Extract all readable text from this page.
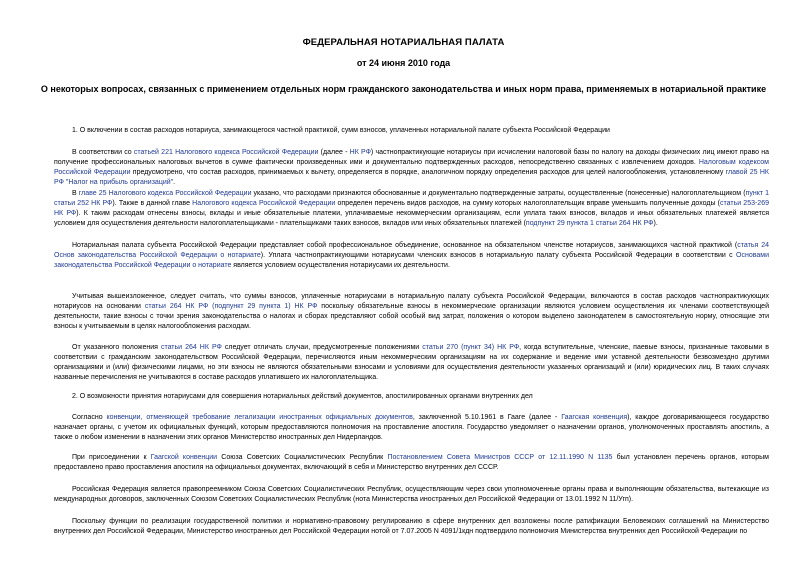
ФЕДЕРАЛЬНАЯ НОТАРИАЛЬНАЯ ПАЛАТА
от 24 июня 2010 года
О некоторых вопросах, связанных с применением отдельных норм гражданского законодательства и иных норм права, применяемых в нотариальной практике

1. О включении в состав расходов нотариуса, занимающегося частной практикой, сумм взносов, уплаченных нотариальной палате субъекта Российской Федерации

В соответствии со статьей 221 Налогового кодекса Российской Федерации (далее - НК РФ) частнопрактикующие нотариусы при исчислении налоговой базы по налогу на доходы физических лиц имеют право на получение профессиональных налоговых вычетов в сумме фактически произведенных ими и документально подтвержденных расходов, непосредственно связанных с извлечением доходов. Налоговым кодексом Российской Федерации предусмотрено, что состав расходов, принимаемых к вычету, определяется в порядке, аналогичном порядку определения расходов для целей налогообложения, установленному главой 25 НК РФ "Налог на прибыль организаций".

В главе 25 Налогового кодекса Российской Федерации указано, что расходами признаются обоснованные и документально подтвержденные затраты, осуществленные (понесенные) налогоплательщиком (пункт 1 статьи 252 НК РФ). Также в данной главе Налогового кодекса Российской Федерации определен перечень видов расходов, на сумму которых налогоплательщик вправе уменьшить полученные доходы (статьи 253-269 НК РФ). К таким расходам отнесены взносы, вклады и иные обязательные платежи, уплачиваемые некоммерческим организациям, если уплата таких взносов, вкладов и иных обязательных платежей является условием для осуществления деятельности налогоплательщиками - плательщиками таких взносов, вкладов или иных обязательных платежей (подпункт 29 пункта 1 статьи 264 НК РФ).

Нотариальная палата субъекта Российской Федерации представляет собой профессиональное объединение, основанное на обязательном членстве нотариусов, занимающихся частной практикой (статья 24 Основ законодательства Российской Федерации о нотариате). Уплата частнопрактикующими нотариусами членских взносов в нотариальную палату субъекта Российской Федерации в соответствии с Основами законодательства Российской Федерации о нотариате является условием осуществления нотариусами их деятельности.

Учитывая вышеизложенное, следует считать, что суммы взносов, уплаченные нотариусами в нотариальную палату субъекта Российской Федерации, включаются в состав расходов частнопрактикующих нотариусов на основании статьи 264 НК РФ (подпункт 29 пункта 1) НК РФ поскольку обязательные взносы в некоммерческие организации являются условием осуществления их членами соответствующей деятельности, такие взносы с точки зрения законодательства о налогах и сборах представляют собой особый вид затрат, положения о котором выделено законодателем в самостоятельную норму, относящие эти взносы к учитываемым в целях налогообложения расходам.

От указанного положения статьи 264 НК РФ следует отличать случаи, предусмотренные положениями статьи 270 (пункт 34) НК РФ, когда вступительные, членские, паевые взносы, признанные таковыми в соответствии с гражданским законодательством Российской Федерации, перечисляются иным некоммерческим организациям на их содержание и ведение ими уставной деятельности безвозмездно другими организациями и (или) физическими лицами, но эти взносы не являются обязательными взносами и условиями для осуществления деятельности указанных организаций и (или) юридических лиц. В таких случаях названные перечисления не учитываются в составе расходов уплатившего их налогоплательщика.

2. О возможности принятия нотариусами для совершения нотариальных действий документов, апостилированных органами внутренних дел

Согласно конвенции, отменяющей требование легализации иностранных официальных документов, заключенной 5.10.1961 в Гааге (далее - Гаагская конвенция), каждое договаривающееся государство назначает органы, с учетом их официальных функций, которым предоставляются полномочия на проставление апостиля. Государство уведомляет о назначении органов, уполномоченных проставлять апостиль, а также о любом изменении в назначении этих органов Министерство иностранных дел Нидерландов.

При присоединении к Гаагской конвенции Союза Советских Социалистических Республик Постановлением Совета Министров СССР от 12.11.1990 N 1135 был установлен перечень органов, которым предоставлено право проставления апостиля на официальных документах, включающий в себя и Министерство внутренних дел СССР.

Российская Федерация является правопреемником Союза Советских Социалистических Республик, осуществляющим через свои уполномоченные органы права и выполняющим обязательства, вытекающие из международных договоров, заключенных Союзом Советских Социалистических Республик (нота Министерства иностранных дел Российской Федерации от 13.01.1992 N 11/Угп).

Поскольку функции по реализации государственной политики и нормативно-правовому регулированию в сфере внутренних дел возложены после ратификации Беловежских соглашений на Министерство внутренних дел Российской Федерации, Министерство иностранных дел Российской Федерации нотой от 7.07.2005 N 4091/1кдн подтвердило полномочия Министерства внутренних дел Российской Федерации по
